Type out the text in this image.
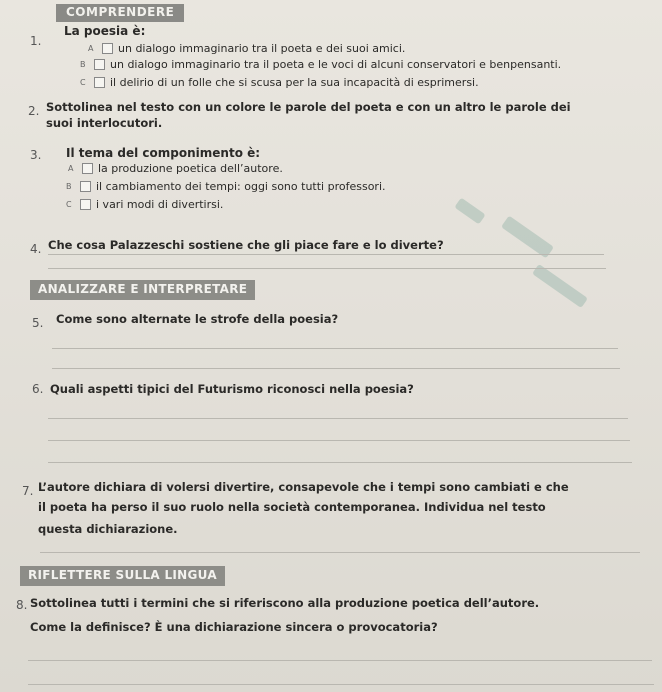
COMPRENDERE
1.
La poesia è:
A	un dialogo immaginario tra il poeta e dei suoi amici.
B	un dialogo immaginario tra il poeta e le voci di alcuni conservatori e benpensanti.
C	il delirio di un folle che si scusa per la sua incapacità di esprimersi.
2. Sottolinea nel testo con un colore le parole del poeta e con un altro le parole dei
suoi interlocutori.
3. Il tema del componimento è:
A	la produzione poetica dell’autore.
B	il cambiamento dei tempi: oggi sono tutti professori.
C	i vari modi di divertirsi.
4. Che cosa Palazzeschi sostiene che gli piace fare e lo diverte?
ANALIZZARE E INTERPRETARE
5. Come sono alternate le strofe della poesia?
6. Quali aspetti tipici del Futurismo riconosci nella poesia?
7. L’autore dichiara di volersi divertire, consapevole che i tempi sono cambiati e che
il poeta ha perso il suo ruolo nella società contemporanea. Individua nel testo
questa dichiarazione.
RIFLETTERE SULLA LINGUA
8. Sottolinea tutti i termini che si riferiscono alla produzione poetica dell’autore.
Come la definisce? È una dichiarazione sincera o provocatoria?
